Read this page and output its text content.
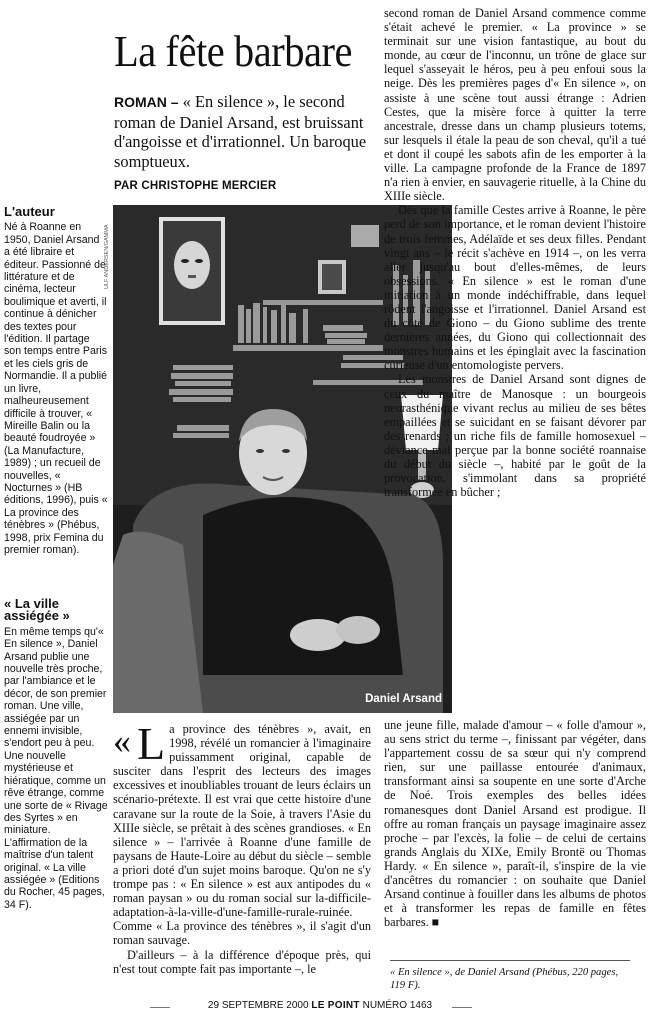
L'auteur

Né à Roanne en 1950, Daniel Arsand a été libraire et éditeur. Passionné de littérature et de cinéma, lecteur boulimique et averti, il continue à dénicher des textes pour l'édition. Il partage son temps entre Paris et les ciels gris de Normandie. Il a publié un livre, malheureusement difficile à trouver, « Mireille Balin ou la beauté foudroyée » (La Manufacture, 1989) ; un recueil de nouvelles, « Nocturnes » (HB éditions, 1996), puis « La province des ténèbres » (Phébus, 1998, prix Femina du premier roman).

« La ville assiégée »

En même temps qu'« En silence », Daniel Arsand publie une nouvelle très proche, par l'ambiance et le décor, de son premier roman. Une ville, assiégée par un ennemi invisible, s'endort peu à peu. Une nouvelle mystérieuse et hiératique, comme un rêve étrange, comme une sorte de « Rivage des Syrtes » en miniature. L'affirmation de la maîtrise d'un talent original. « La ville assiégée » (Editions du Rocher, 45 pages, 34 F).

La fête barbare
ROMAN – « En silence », le second roman de Daniel Arsand, est bruissant d'angoisse et d'irrationnel. Un baroque somptueux.
PAR CHRISTOPHE MERCIER
ULF ANDERSEN/GAMMA
Daniel Arsand

second roman de Daniel Arsand commence comme s'était achevé le premier. « La province » se terminait sur une vision fantastique, au bout du monde, au cœur de l'inconnu, un trône de glace sur lequel s'asseyait le héros, peu à peu enfoui sous la neige. Dès les premières pages d'« En silence », on assiste à une scène tout aussi étrange : Adrien Cestes, que la misère force à quitter la terre ancestrale, dresse dans un champ plusieurs totems, sur lesquels il étale la peau de son cheval, qu'il a tué et dont il coupé les sabots afin de les emporter à la ville. La campagne profonde de la France de 1897 n'a rien à envier, en sauvagerie rituelle, à la Chine du XIIIe siècle.

Dès que la famille Cestes arrive à Roanne, le père perd de son importance, et le roman devient l'histoire de trois femmes, Adélaïde et ses deux filles. Pendant vingt ans – le récit s'achève en 1914 –, on les verra aller jusqu'au bout d'elles-mêmes, de leurs obsessions. « En silence » est le roman d'une initiation à un monde indéchiffrable, dans lequel rôdent l'angoisse et l'irrationnel. Daniel Arsand est du côté de Giono – du Giono sublime des trente dernières années, du Giono qui collectionnait des monstres humains et les épinglait avec la fascination curieuse d'un entomologiste pervers.

Les monstres de Daniel Arsand sont dignes de ceux du maître de Manosque : un bourgeois neurasthénique vivant reclus au milieu de ses bêtes empaillées et se suicidant en se faisant dévorer par des renards ; un riche fils de famille homosexuel – déviance mal perçue par la bonne société roannaise du début du siècle –, habité par le goût de la provocation, s'immolant dans sa propriété transformée en bûcher ;

« L a province des ténèbres », avait, en 1998, révélé un romancier à l'imaginaire puissamment original, capable de susciter dans l'esprit des lecteurs des images excessives et inoubliables trouant de leurs éclairs un scénario-prétexte. Il est vrai que cette histoire d'une caravane sur la route de la Soie, à travers l'Asie du XIIIe siècle, se prêtait à des scènes grandioses. « En silence » – l'arrivée à Roanne d'une famille de paysans de Haute-Loire au début du siècle – semble a priori doté d'un sujet moins baroque. Qu'on ne s'y trompe pas : « En silence » est aux antipodes du « roman paysan » ou du roman social sur la-difficile-adaptation-à-la-ville-d'une-famille-rurale-ruinée. Comme « La province des ténèbres », il s'agit d'un roman sauvage.

D'ailleurs – à la différence d'époque près, qui n'est tout compte fait pas importante –, le

une jeune fille, malade d'amour – « folle d'amour », au sens strict du terme –, finissant par végéter, dans l'appartement cossu de sa sœur qui n'y comprend rien, sur une paillasse entourée d'animaux, transformant ainsi sa soupente en une sorte d'Arche de Noé. Trois exemples des belles idées romanesques dont Daniel Arsand est prodigue. Il offre au roman français un paysage imaginaire assez proche – par l'excès, la folie – de celui de certains grands Anglais du XIXe, Emily Brontë ou Thomas Hardy. « En silence », paraît-il, s'inspire de la vie d'ancêtres du romancier : on souhaite que Daniel Arsand continue à fouiller dans les albums de photos et à transformer les repas de famille en fêtes barbares. ■

« En silence », de Daniel Arsand (Phébus, 220 pages, 119 F).
29 SEPTEMBRE 2000 LE POINT NUMÉRO 1463
